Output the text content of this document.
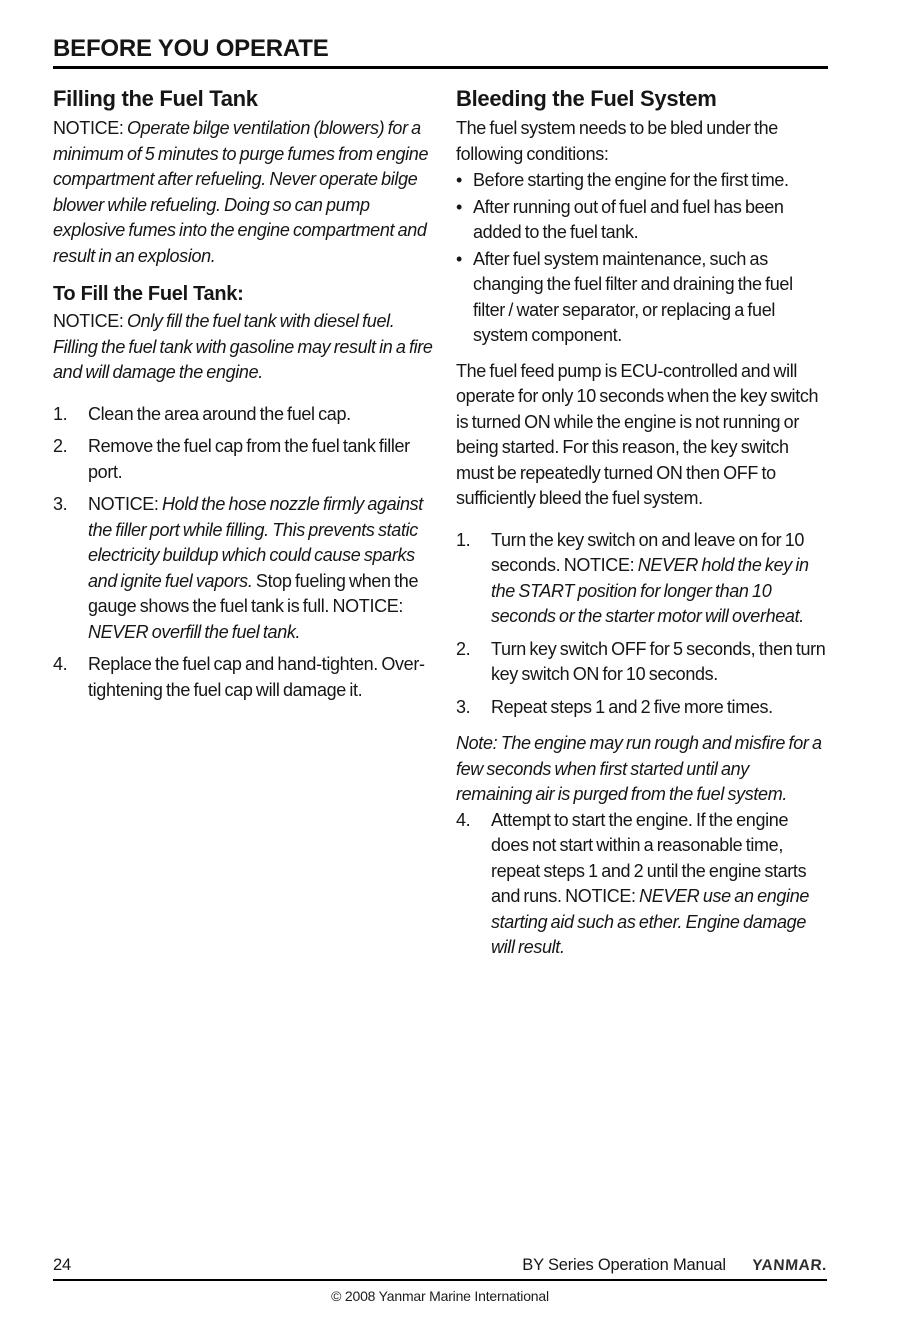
BEFORE YOU OPERATE
Filling the Fuel Tank

NOTICE: Operate bilge ventilation (blowers) for a minimum of 5 minutes to purge fumes from engine compartment after refueling. Never operate bilge blower while refueling. Doing so can pump explosive fumes into the engine compartment and result in an explosion.

To Fill the Fuel Tank:

NOTICE: Only fill the fuel tank with diesel fuel. Filling the fuel tank with gasoline may result in a fire and will damage the engine.

1.	Clean the area around the fuel cap.
2.	Remove the fuel cap from the fuel tank filler port.
3.	NOTICE: Hold the hose nozzle firmly against the filler port while filling. This prevents static electricity buildup which could cause sparks and ignite fuel vapors. Stop fueling when the gauge shows the fuel tank is full. NOTICE: NEVER overfill the fuel tank.
4.	Replace the fuel cap and hand-tighten. Over-tightening the fuel cap will damage it.
Bleeding the Fuel System

The fuel system needs to be bled under the following conditions:

• Before starting the engine for the first time.
• After running out of fuel and fuel has been added to the fuel tank.
• After fuel system maintenance, such as changing the fuel filter and draining the fuel filter / water separator, or replacing a fuel system component.

The fuel feed pump is ECU-controlled and will operate for only 10 seconds when the key switch is turned ON while the engine is not running or being started. For this reason, the key switch must be repeatedly turned ON then OFF to sufficiently bleed the fuel system.

1.	Turn the key switch on and leave on for 10 seconds. NOTICE: NEVER hold the key in the START position for longer than 10 seconds or the starter motor will overheat.
2.	Turn key switch OFF for 5 seconds, then turn key switch ON for 10 seconds.
3.	Repeat steps 1 and 2 five more times.

Note: The engine may run rough and misfire for a few seconds when first started until any remaining air is purged from the fuel system.

4.	Attempt to start the engine. If the engine does not start within a reasonable time, repeat steps 1 and 2 until the engine starts and runs. NOTICE: NEVER use an engine starting aid such as ether. Engine damage will result.
24	BY Series Operation Manual YANMAR.
© 2008 Yanmar Marine International
